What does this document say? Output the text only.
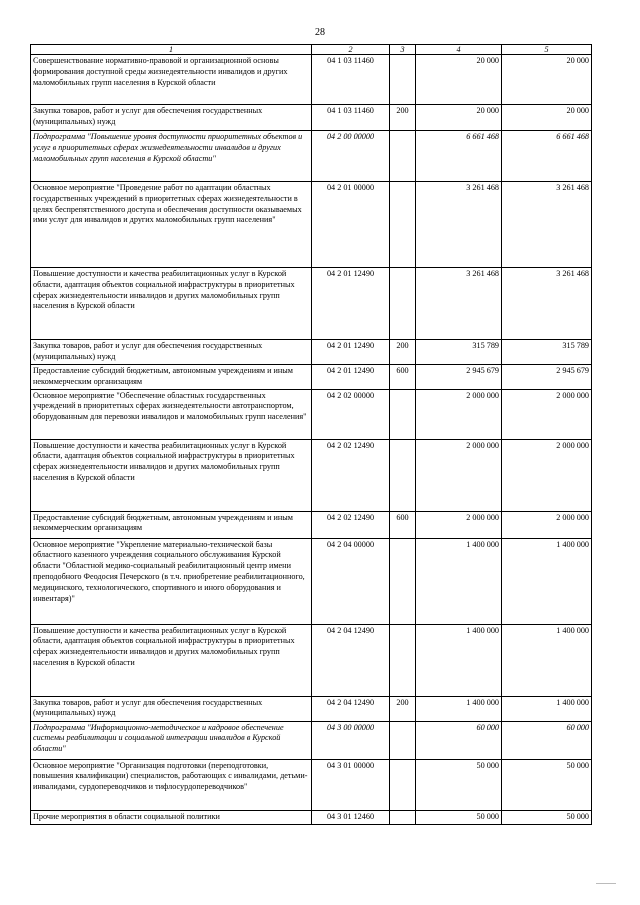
28
1	2	3	4	5
Совершенствование нормативно-правовой и организационной основы формирования доступной среды жизнедеятельности инвалидов и других маломобильных групп населения в Курской области	04 1 03 11460		20 000	20 000
Закупка товаров, работ и услуг для обеспечения государственных (муниципальных) нужд	04 1 03 11460	200	20 000	20 000
Подпрограмма "Повышение уровня доступности приоритетных объектов и услуг в приоритетных сферах жизнедеятельности инвалидов и других маломобильных групп населения в Курской области"	04 2 00 00000		6 661 468	6 661 468
Основное мероприятие "Проведение работ по адаптации областных государственных учреждений в приоритетных сферах жизнедеятельности в целях беспрепятственного доступа и обеспечения доступности оказываемых ими услуг для инвалидов и других маломобильных групп населения"	04 2 01 00000		3 261 468	3 261 468
Повышение доступности и качества реабилитационных услуг в Курской области, адаптация объектов социальной инфраструктуры в приоритетных сферах жизнедеятельности инвалидов и других маломобильных групп населения в Курской области	04 2 01 12490		3 261 468	3 261 468
Закупка товаров, работ и услуг для обеспечения государственных (муниципальных) нужд	04 2 01 12490	200	315 789	315 789
Предоставление субсидий бюджетным, автономным учреждениям и иным некоммерческим организациям	04 2 01 12490	600	2 945 679	2 945 679
Основное мероприятие "Обеспечение областных государственных учреждений в приоритетных сферах жизнедеятельности автотранспортом, оборудованным для перевозки инвалидов и маломобильных групп населения"	04 2 02 00000		2 000 000	2 000 000
Повышение доступности и качества реабилитационных услуг в Курской области, адаптация объектов социальной инфраструктуры в приоритетных сферах жизнедеятельности инвалидов и других маломобильных групп населения в Курской области	04 2 02 12490		2 000 000	2 000 000
Предоставление субсидий бюджетным, автономным учреждениям и иным некоммерческим организациям	04 2 02 12490	600	2 000 000	2 000 000
Основное мероприятие "Укрепление материально-технической базы областного казенного учреждения социального обслуживания Курской области "Областной медико-социальный реабилитационный центр имени преподобного Феодосия Печерского (в т.ч. приобретение реабилитационного, медицинского, технологического, спортивного и иного оборудования и инвентаря)"	04 2 04 00000		1 400 000	1 400 000
Повышение доступности и качества реабилитационных услуг в Курской области, адаптация объектов социальной инфраструктуры в приоритетных сферах жизнедеятельности инвалидов и других маломобильных групп населения в Курской области	04 2 04 12490		1 400 000	1 400 000
Закупка товаров, работ и услуг для обеспечения государственных (муниципальных) нужд	04 2 04 12490	200	1 400 000	1 400 000
Подпрограмма "Информационно-методическое и кадровое обеспечение системы реабилитации и социальной интеграции инвалидов в Курской области"	04 3 00 00000		60 000	60 000
Основное мероприятие "Организация подготовки (переподготовки, повышения квалификации) специалистов, работающих с инвалидами, детьми-инвалидами, сурдопереводчиков и тифлосурдопереводчиков"	04 3 01 00000		50 000	50 000
Прочие мероприятия в области социальной политики	04 3 01 12460		50 000	50 000
